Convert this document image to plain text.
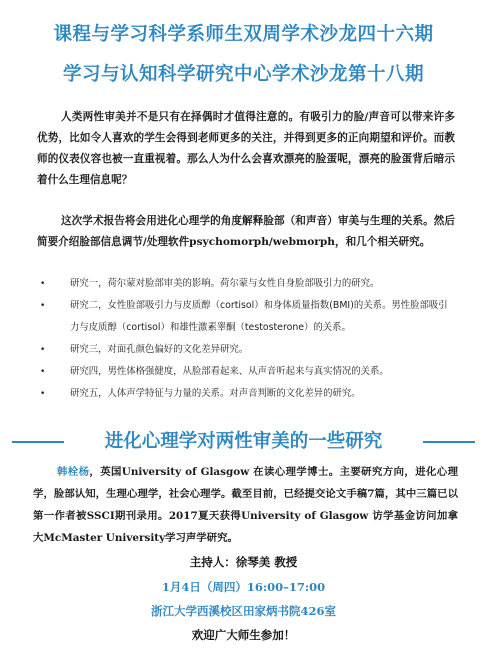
课程与学习科学系师生双周学术沙龙四十六期
学习与认知科学研究中心学术沙龙第十八期

人类两性审美并不是只有在择偶时才值得注意的。有吸引力的脸/声音可以带来许多优势，比如令人喜欢的学生会得到老师更多的关注，并得到更多的正向期望和评价。而教师的仪表仪容也被一直重视着。那么人为什么会喜欢漂亮的脸蛋呢，漂亮的脸蛋背后暗示着什么生理信息呢？

这次学术报告将会用进化心理学的角度解释脸部（和声音）审美与生理的关系。然后简要介绍脸部信息调节/处理软件psychomorph/webmorph，和几个相关研究。

•	研究一，荷尔蒙对脸部审美的影响。荷尔蒙与女性自身脸部吸引力的研究。
•	研究二，女性脸部吸引力与皮质醇（cortisol）和身体质量指数(BMI)的关系。男性脸部吸引力与皮质醇（cortisol）和雄性激素睾酮（testosterone）的关系。
•	研究三，对面孔颜色偏好的文化差异研究。
•	研究四，男性体格强健度，从脸部看起来、从声音听起来与真实情况的关系。
•	研究五，人体声学特征与力量的关系。对声音判断的文化差异的研究。
进化心理学对两性审美的一些研究

韩栓杨，英国University of Glasgow 在读心理学博士。主要研究方向，进化心理学，脸部认知，生理心理学，社会心理学。截至目前，已经提交论文手稿7篇，其中三篇已以第一作者被SSCI期刊录用。2017夏天获得University of Glasgow 访学基金访问加拿大McMaster University学习声学研究。

主持人：徐琴美 教授
1月4日（周四）16:00–17:00
浙江大学西溪校区田家炳书院426室
欢迎广大师生参加！
